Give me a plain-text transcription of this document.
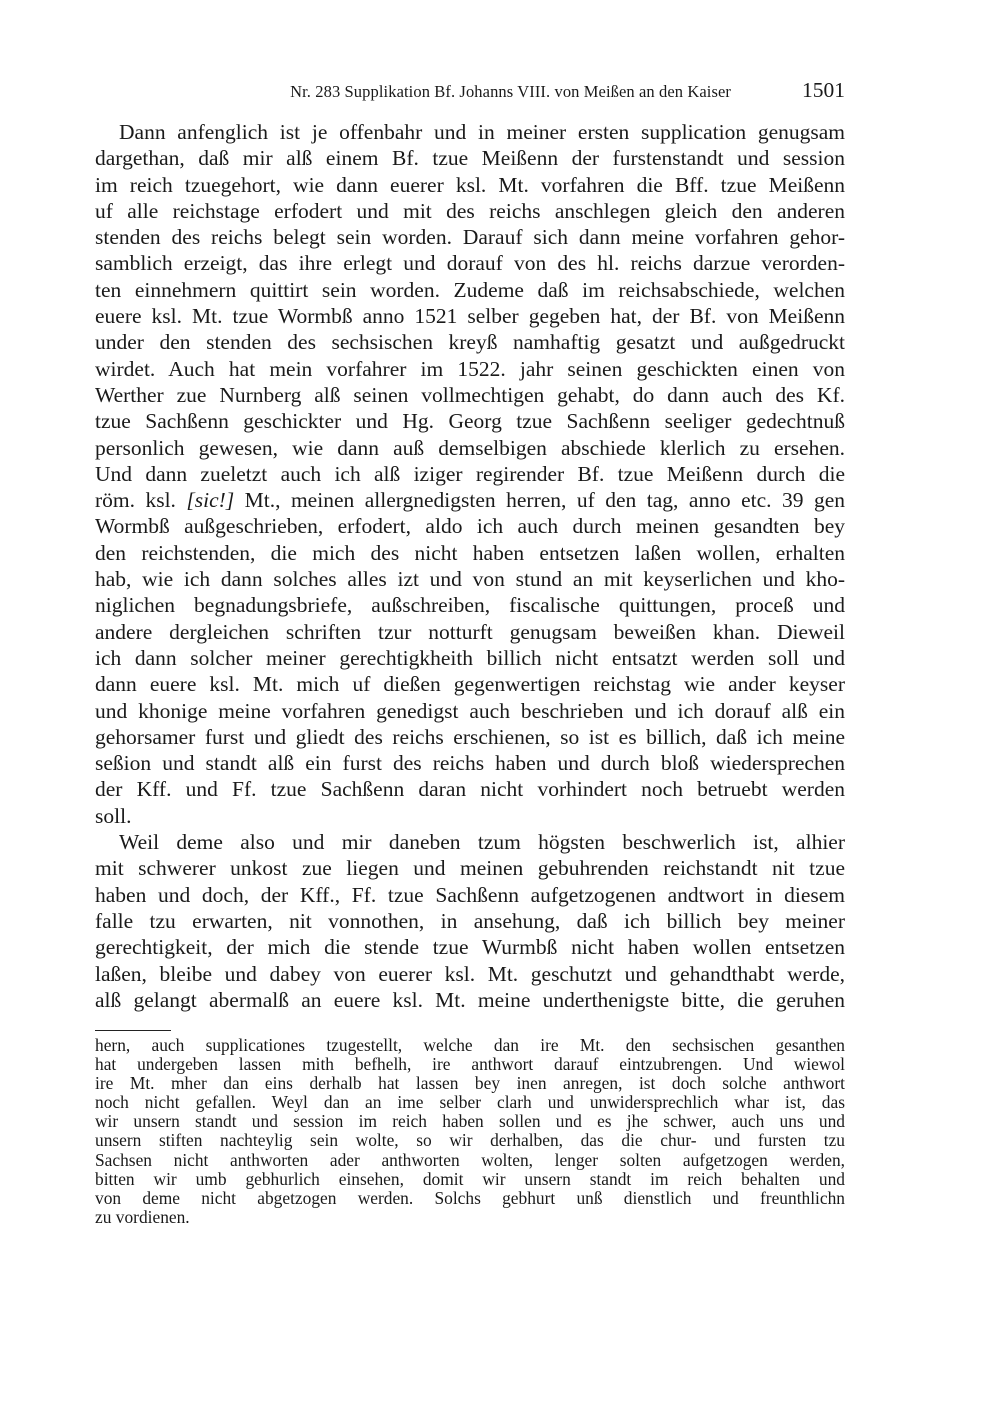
Nr. 283 Supplikation Bf. Johanns VIII. von Meißen an den Kaiser	1501
Dann anfenglich ist je offenbahr und in meiner ersten supplication genugsam
dargethan, daß mir alß einem Bf. tzue Meißenn der furstenstandt und session
im reich tzuegehort, wie dann euerer ksl. Mt. vorfahren die Bff. tzue Meißenn
uf alle reichstage erfodert und mit des reichs anschlegen gleich den anderen
stenden des reichs belegt sein worden. Darauf sich dann meine vorfahren gehor-
samblich erzeigt, das ihre erlegt und dorauf von des hl. reichs darzue verorden-
ten einnehmern quittirt sein worden. Zudeme daß im reichsabschiede, welchen
euere ksl. Mt. tzue Wormbß anno 1521 selber gegeben hat, der Bf. von Meißenn
under den stenden des sechsischen kreyß namhaftig gesatzt und außgedruckt
wirdet. Auch hat mein vorfahrer im 1522. jahr seinen geschickten einen von
Werther zue Nurnberg alß seinen vollmechtigen gehabt, do dann auch des Kf.
tzue Sachßenn geschickter und Hg. Georg tzue Sachßenn seeliger gedechtnuß
personlich gewesen, wie dann auß demselbigen abschiede klerlich zu ersehen.
Und dann zueletzt auch ich alß iziger regirender Bf. tzue Meißenn durch die
röm. ksl. [sic!] Mt., meinen allergnedigsten herren, uf den tag, anno etc. 39 gen
Wormbß außgeschrieben, erfodert, aldo ich auch durch meinen gesandten bey
den reichstenden, die mich des nicht haben entsetzen laßen wollen, erhalten
hab, wie ich dann solches alles izt und von stund an mit keyserlichen und kho-
niglichen begnadungsbriefe, außschreiben, fiscalische quittungen, proceß und
andere dergleichen schriften tzur notturft genugsam beweißen khan. Dieweil
ich dann solcher meiner gerechtigkheith billich nicht entsatzt werden soll und
dann euere ksl. Mt. mich uf dießen gegenwertigen reichstag wie ander keyser
und khonige meine vorfahren genedigst auch beschrieben und ich dorauf alß ein
gehorsamer furst und gliedt des reichs erschienen, so ist es billich, daß ich meine
seßion und standt alß ein furst des reichs haben und durch bloß wiedersprechen
der Kff. und Ff. tzue Sachßenn daran nicht vorhindert noch betruebt werden
soll.
Weil deme also und mir daneben tzum högsten beschwerlich ist, alhier
mit schwerer unkost zue liegen und meinen gebuhrenden reichstandt nit tzue
haben und doch, der Kff., Ff. tzue Sachßenn aufgetzogenen andtwort in diesem
falle tzu erwarten, nit vonnothen, in ansehung, daß ich billich bey meiner
gerechtigkeit, der mich die stende tzue Wurmbß nicht haben wollen entsetzen
laßen, bleibe und dabey von euerer ksl. Mt. geschutzt und gehandthabt werde,
alß gelangt abermalß an euere ksl. Mt. meine underthenigste bitte, die geruhen
hern, auch supplicationes tzugestellt, welche dan ire Mt. den sechsischen gesanthen
hat undergeben lassen mith befhelh, ire anthwort darauf eintzubrengen. Und wiewol
ire Mt. mher dan eins derhalb hat lassen bey inen anregen, ist doch solche anthwort
noch nicht gefallen. Weyl dan an ime selber clarh und unwidersprechlich whar ist, das
wir unsern standt und session im reich haben sollen und es jhe schwer, auch uns und
unsern stiften nachteylig sein wolte, so wir derhalben, das die chur- und fursten tzu
Sachsen nicht anthworten ader anthworten wolten, lenger solten aufgetzogen werden,
bitten wir umb gebhurlich einsehen, domit wir unsern standt im reich behalten und
von deme nicht abgetzogen werden. Solchs gebhurt unß dienstlich und freunthlichn
zu vordienen.
